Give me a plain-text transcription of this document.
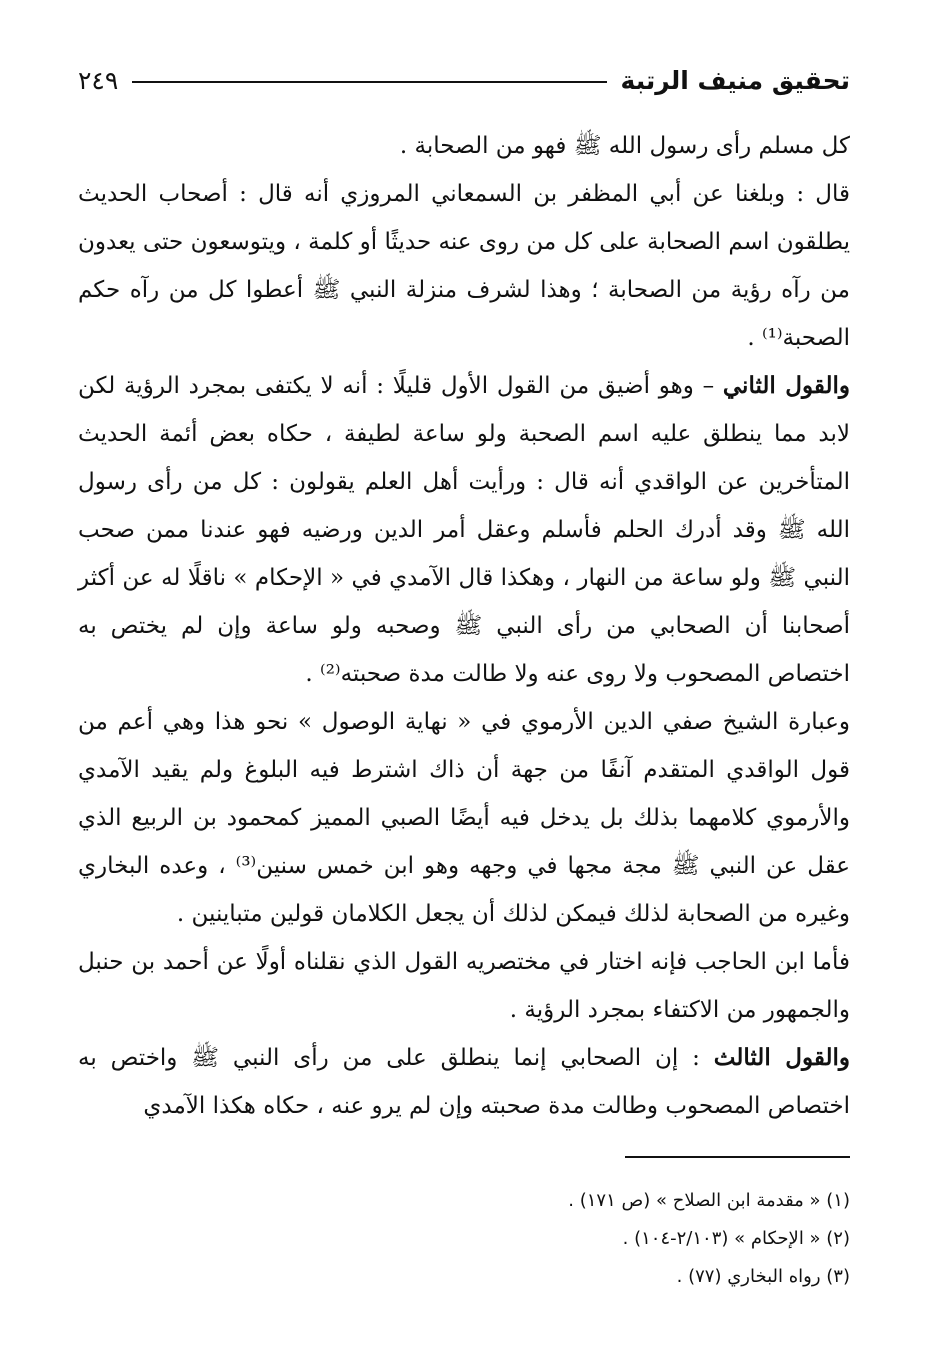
تحقيق منيف الرتبة
٢٤٩

كل مسلم رأى رسول الله ﷺ فهو من الصحابة .

قال : وبلغنا عن أبي المظفر بن السمعاني المروزي أنه قال : أصحاب الحديث يطلقون اسم الصحابة على كل من روى عنه حديثًا أو كلمة ، ويتوسعون حتى يعدون من رآه رؤية من الصحابة ؛ وهذا لشرف منزلة النبي ﷺ أعطوا كل من رآه حكم الصحبة⁽¹⁾ .

والقول الثاني – وهو أضيق من القول الأول قليلًا : أنه لا يكتفى بمجرد الرؤية لكن لابد مما ينطلق عليه اسم الصحبة ولو ساعة لطيفة ، حكاه بعض أئمة الحديث المتأخرين عن الواقدي أنه قال : ورأيت أهل العلم يقولون : كل من رأى رسول الله ﷺ وقد أدرك الحلم فأسلم وعقل أمر الدين ورضيه فهو عندنا ممن صحب النبي ﷺ ولو ساعة من النهار ، وهكذا قال الآمدي في « الإحكام » ناقلًا له عن أكثر أصحابنا أن الصحابي من رأى النبي ﷺ وصحبه ولو ساعة وإن لم يختص به اختصاص المصحوب ولا روى عنه ولا طالت مدة صحبته⁽²⁾ .

وعبارة الشيخ صفي الدين الأرموي في « نهاية الوصول » نحو هذا وهي أعم من قول الواقدي المتقدم آنفًا من جهة أن ذاك اشترط فيه البلوغ ولم يقيد الآمدي والأرموي كلامهما بذلك بل يدخل فيه أيضًا الصبي المميز كمحمود بن الربيع الذي عقل عن النبي ﷺ مجة مجها في وجهه وهو ابن خمس سنين⁽³⁾ ، وعده البخاري وغيره من الصحابة لذلك فيمكن لذلك أن يجعل الكلامان قولين متباينين .

فأما ابن الحاجب فإنه اختار في مختصريه القول الذي نقلناه أولًا عن أحمد بن حنبل والجمهور من الاكتفاء بمجرد الرؤية .

والقول الثالث : إن الصحابي إنما ينطلق على من رأى النبي ﷺ واختص به اختصاص المصحوب وطالت مدة صحبته وإن لم يرو عنه ، حكاه هكذا الآمدي

(١) « مقدمة ابن الصلاح » (ص ١٧١) .

(٢) « الإحكام » (٢/١٠٣-١٠٤) .

(٣) رواه البخاري (٧٧) .
